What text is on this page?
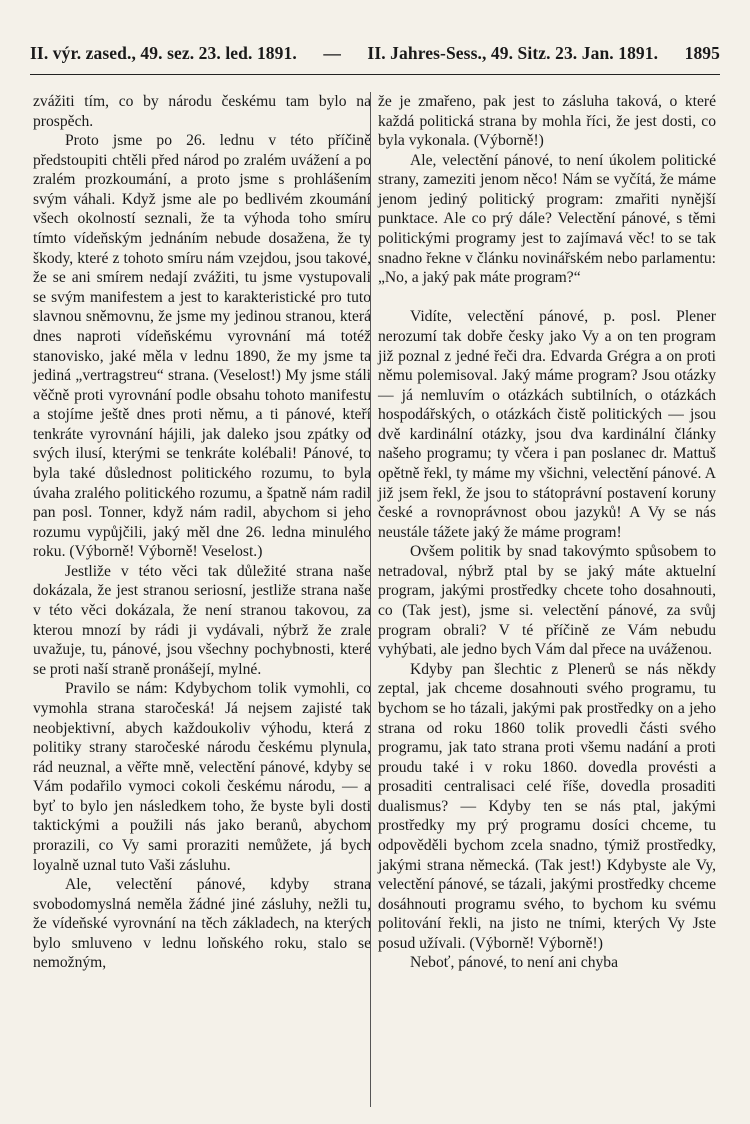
II. výr. zased., 49. sez. 23. led. 1891. — II. Jahres-Sess., 49. Sitz. 23. Jan. 1891. 1895

zvážiti tím, co by národu českému tam bylo na prospěch.

Proto jsme po 26. lednu v této příčině předstoupiti chtěli před národ po zralém uvážení a po zralém prozkoumání, a proto jsme s prohlášením svým váhali. Když jsme ale po bedlivém zkoumání všech okolností seznali, že ta výhoda toho smíru tímto vídeňským jednáním nebude dosažena, že ty škody, které z tohoto smíru nám vzejdou, jsou takové, že se ani smírem nedají zvážiti, tu jsme vystupovali se svým manifestem a jest to karakteristické pro tuto slavnou sněmovnu, že jsme my jedinou stranou, která dnes naproti vídeňskému vyrovnání má totéž stanovisko, jaké měla v lednu 1890, že my jsme ta jediná „vertragstreu“ strana. (Veselost!) My jsme stáli věčně proti vyrovnání podle obsahu tohoto manifestu a stojíme ještě dnes proti němu, a ti pánové, kteří tenkráte vyrovnání hájili, jak daleko jsou zpátky od svých ilusí, kterými se tenkráte kolébali! Pánové, to byla také důslednost politického rozumu, to byla úvaha zralého politického rozumu, a špatně nám radil pan posl. Tonner, když nám radil, abychom si jeho rozumu vypůjčili, jaký měl dne 26. ledna minulého roku. (Výborně! Výborně! Veselost.)

Jestliže v této věci tak důležité strana naše dokázala, že jest stranou seriosní, jestliže strana naše v této věci dokázala, že není stranou takovou, za kterou mnozí by rádi ji vydávali, nýbrž že zrale uvažuje, tu, pánové, jsou všechny pochybnosti, které se proti naší straně pronášejí, mylné.

Pravilo se nám: Kdybychom tolik vymohli, co vymohla strana staročeská! Já nejsem zajisté tak neobjektivní, abych každoukoliv výhodu, která z politiky strany staročeské národu českému plynula, rád neuznal, a věřte mně, velectění pánové, kdyby se Vám podařilo vymoci cokoli českému národu, — a byť to bylo jen následkem toho, že byste byli dosti taktickými a použili nás jako beranů, abychom prorazili, co Vy sami proraziti nemůžete, já bych loyalně uznal tuto Vaši zásluhu.

Ale, velectění pánové, kdyby strana svobodomyslná neměla žádné jiné zásluhy, nežli tu, že vídeňské vyrovnání na těch základech, na kterých bylo smluveno v lednu loňského roku, stalo se nemožným,

že je zmařeno, pak jest to zásluha taková, o které každá politická strana by mohla říci, že jest dosti, co byla vykonala. (Výborně!)

Ale, velectění pánové, to není úkolem politické strany, zameziti jenom něco! Nám se vyčítá, že máme jenom jediný politický program: zmařiti nynější punktace. Ale co prý dále? Velectění pánové, s těmi politickými programy jest to zajímavá věc! to se tak snadno řekne v článku novinářském nebo parlamentu: „No, a jaký pak máte program?“

Vidíte, velectění pánové, p. posl. Plener nerozumí tak dobře česky jako Vy a on ten program již poznal z jedné řeči dra. Edvarda Grégra a on proti němu polemisoval. Jaký máme program? Jsou otázky — já nemluvím o otázkách subtilních, o otázkách hospodářských, o otázkách čistě politických — jsou dvě kardinální otázky, jsou dva kardinální články našeho programu; ty včera i pan poslanec dr. Mattuš opětně řekl, ty máme my všichni, velectění pánové. A již jsem řekl, že jsou to státoprávní postavení koruny české a rovnoprávnost obou jazyků! A Vy se nás neustále tážete jaký že máme program!

Ovšem politik by snad takovýmto spůsobem to netradoval, nýbrž ptal by se jaký máte aktuelní program, jakými prostředky chcete toho dosahnouti, co (Tak jest), jsme si. velectění pánové, za svůj program obrali? V té příčině ze Vám nebudu vyhýbati, ale jedno bych Vám dal přece na uváženou.

Kdyby pan šlechtic z Plenerů se nás někdy zeptal, jak chceme dosahnouti svého programu, tu bychom se ho tázali, jakými pak prostředky on a jeho strana od roku 1860 tolik provedli části svého programu, jak tato strana proti všemu nadání a proti proudu také i v roku 1860. dovedla provésti a prosaditi centralisaci celé říše, dovedla prosaditi dualismus? — Kdyby ten se nás ptal, jakými prostředky my prý programu dosíci chceme, tu odpověděli bychom zcela snadno, týmiž prostředky, jakými strana německá. (Tak jest!) Kdybyste ale Vy, velectění pánové, se tázali, jakými prostředky chceme dosáhnouti programu svého, to bychom ku svému politování řekli, na jisto ne tními, kterých Vy Jste posud užívali. (Výborně! Výborně!)

Neboť, pánové, to není ani chyba
